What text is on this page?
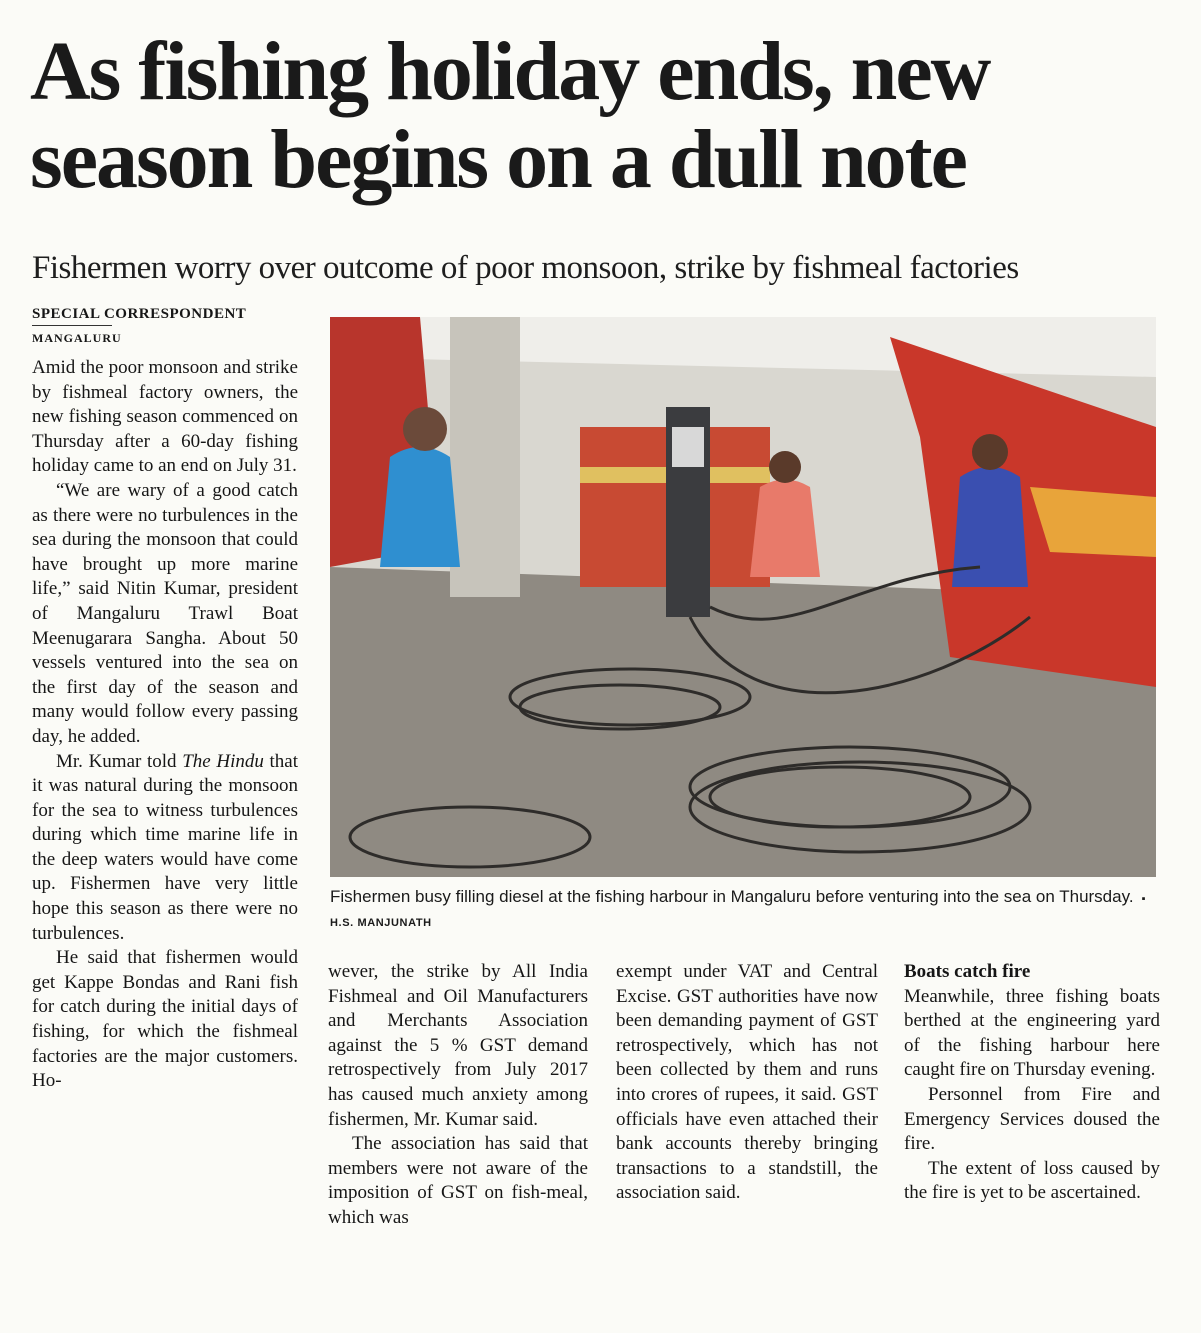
As fishing holiday ends, new
season begins on a dull note
Fishermen worry over outcome of poor monsoon, strike by fishmeal factories
SPECIAL CORRESPONDENT
MANGALURU

Amid the poor monsoon and strike by fishmeal factory owners, the new fishing season commenced on Thursday after a 60-day fishing holiday came to an end on July 31.

“We are wary of a good catch as there were no turbulences in the sea during the monsoon that could have brought up more marine life,” said Nitin Kumar, president of Mangaluru Trawl Boat Meenugarara Sangha. About 50 vessels ventured into the sea on the first day of the season and many would follow every passing day, he added.

Mr. Kumar told The Hindu that it was natural during the monsoon for the sea to witness turbulences during which time marine life in the deep waters would have come up. Fishermen have very little hope this season as there were no turbulences.

He said that fishermen would get Kappe Bondas and Rani fish for catch during the initial days of fishing, for which the fishmeal factories are the major customers. Ho-

Fishermen busy filling diesel at the fishing harbour in Mangaluru before venturing into the sea on Thursday. ▪ H.S. MANJUNATH

wever, the strike by All India Fishmeal and Oil Manufacturers and Merchants Association against the 5 % GST demand retrospectively from July 2017 has caused much anxiety among fishermen, Mr. Kumar said.

The association has said that members were not aware of the imposition of GST on fish-meal, which was

exempt under VAT and Central Excise. GST authorities have now been demanding payment of GST retrospectively, which has not been collected by them and runs into crores of rupees, it said. GST officials have even attached their bank accounts thereby bringing transactions to a standstill, the association said.

Boats catch fire

Meanwhile, three fishing boats berthed at the engineering yard of the fishing harbour here caught fire on Thursday evening.

Personnel from Fire and Emergency Services doused the fire.

The extent of loss caused by the fire is yet to be ascertained.
